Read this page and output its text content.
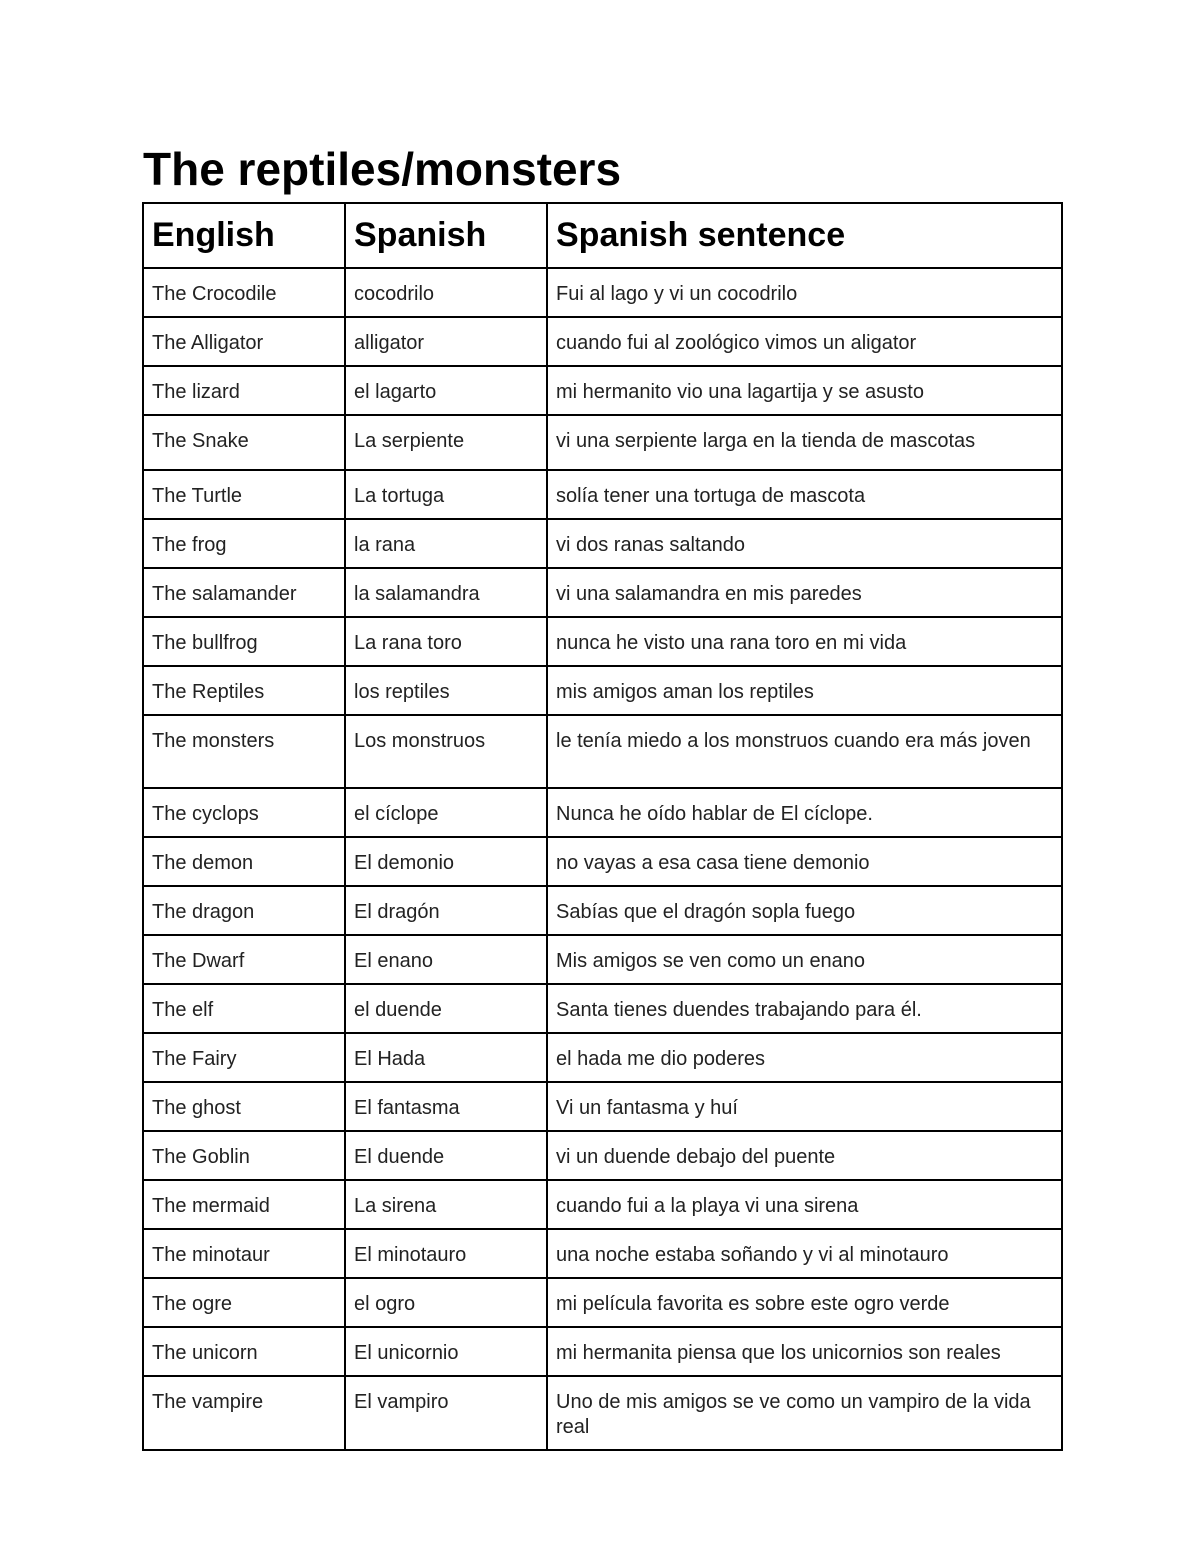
The reptiles/monsters
English	Spanish	Spanish sentence
The Crocodile	cocodrilo	Fui al lago y vi un cocodrilo
The Alligator	alligator	cuando fui al zoológico vimos un aligator
The lizard	el lagarto	mi hermanito vio una lagartija y se asusto
The Snake	La serpiente	vi una serpiente larga en la tienda de mascotas
The Turtle	La tortuga	solía tener una tortuga de mascota
The frog	la rana	vi dos ranas saltando
The salamander	la salamandra	vi una salamandra en mis paredes
The bullfrog	La rana toro	nunca he visto una rana toro en mi vida
The Reptiles	los reptiles	mis amigos aman los reptiles
The monsters	Los monstruos	le tenía miedo a los monstruos cuando era más joven
The cyclops	el cíclope	Nunca he oído hablar de El cíclope.
The demon	El demonio	no vayas a esa casa tiene demonio
The dragon	El dragón	Sabías que el dragón sopla fuego
The Dwarf	El enano	Mis amigos se ven como un enano
The elf	el duende	Santa tienes duendes trabajando para él.
The Fairy	El Hada	el hada me dio poderes
The ghost	El fantasma	Vi un fantasma y huí
The Goblin	El duende	vi un duende debajo del puente
The mermaid	La sirena	cuando fui a la playa vi una sirena
The minotaur	El minotauro	una noche estaba soñando y vi al minotauro
The ogre	el ogro	mi película favorita es sobre este ogro verde
The unicorn	El unicornio	mi hermanita piensa que los unicornios son reales
The vampire	El vampiro	Uno de mis amigos se ve como un vampiro de la vida real
